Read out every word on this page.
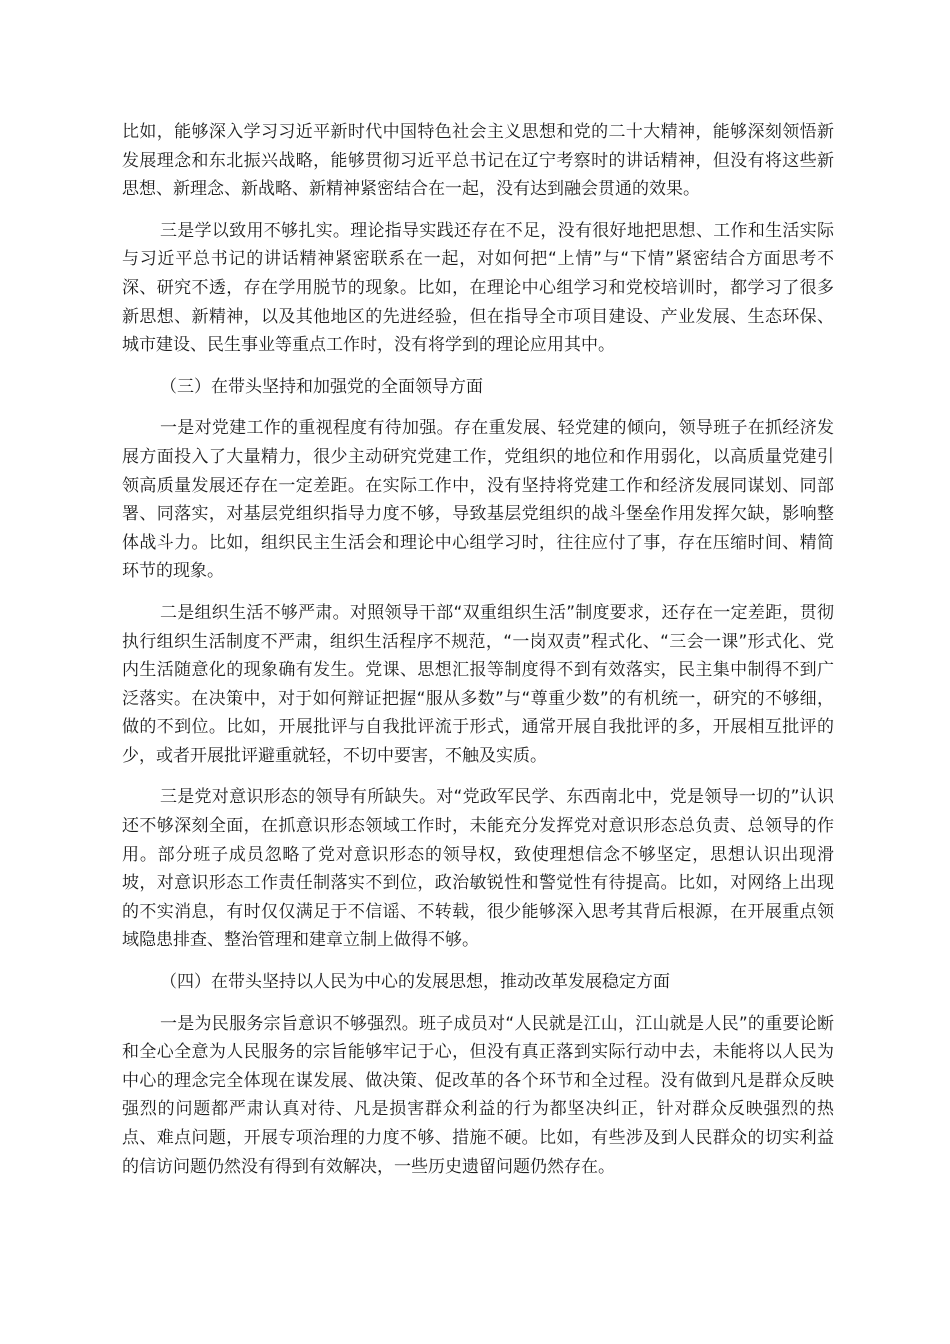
比如，能够深入学习习近平新时代中国特色社会主义思想和党的二十大精神，能够深刻领悟新发展理念和东北振兴战略，能够贯彻习近平总书记在辽宁考察时的讲话精神，但没有将这些新思想、新理念、新战略、新精神紧密结合在一起，没有达到融会贯通的效果。

三是学以致用不够扎实。理论指导实践还存在不足，没有很好地把思想、工作和生活实际与习近平总书记的讲话精神紧密联系在一起，对如何把“上情”与“下情”紧密结合方面思考不深、研究不透，存在学用脱节的现象。比如，在理论中心组学习和党校培训时，都学习了很多新思想、新精神，以及其他地区的先进经验，但在指导全市项目建设、产业发展、生态环保、城市建设、民生事业等重点工作时，没有将学到的理论应用其中。

（三）在带头坚持和加强党的全面领导方面

一是对党建工作的重视程度有待加强。存在重发展、轻党建的倾向，领导班子在抓经济发展方面投入了大量精力，很少主动研究党建工作，党组织的地位和作用弱化，以高质量党建引领高质量发展还存在一定差距。在实际工作中，没有坚持将党建工作和经济发展同谋划、同部署、同落实，对基层党组织指导力度不够，导致基层党组织的战斗堡垒作用发挥欠缺，影响整体战斗力。比如，组织民主生活会和理论中心组学习时，往往应付了事，存在压缩时间、精简环节的现象。

二是组织生活不够严肃。对照领导干部“双重组织生活”制度要求，还存在一定差距，贯彻执行组织生活制度不严肃，组织生活程序不规范，“一岗双责”程式化、“三会一课”形式化、党内生活随意化的现象确有发生。党课、思想汇报等制度得不到有效落实，民主集中制得不到广泛落实。在决策中，对于如何辩证把握“服从多数”与“尊重少数”的有机统一，研究的不够细，做的不到位。比如，开展批评与自我批评流于形式，通常开展自我批评的多，开展相互批评的少，或者开展批评避重就轻，不切中要害，不触及实质。

三是党对意识形态的领导有所缺失。对“党政军民学、东西南北中，党是领导一切的”认识还不够深刻全面，在抓意识形态领域工作时，未能充分发挥党对意识形态总负责、总领导的作用。部分班子成员忽略了党对意识形态的领导权，致使理想信念不够坚定，思想认识出现滑坡，对意识形态工作责任制落实不到位，政治敏锐性和警觉性有待提高。比如，对网络上出现的不实消息，有时仅仅满足于不信谣、不转载，很少能够深入思考其背后根源，在开展重点领域隐患排查、整治管理和建章立制上做得不够。

（四）在带头坚持以人民为中心的发展思想，推动改革发展稳定方面

一是为民服务宗旨意识不够强烈。班子成员对“人民就是江山，江山就是人民”的重要论断和全心全意为人民服务的宗旨能够牢记于心，但没有真正落到实际行动中去，未能将以人民为中心的理念完全体现在谋发展、做决策、促改革的各个环节和全过程。没有做到凡是群众反映强烈的问题都严肃认真对待、凡是损害群众利益的行为都坚决纠正，针对群众反映强烈的热点、难点问题，开展专项治理的力度不够、措施不硬。比如，有些涉及到人民群众的切实利益的信访问题仍然没有得到有效解决，一些历史遗留问题仍然存在。
